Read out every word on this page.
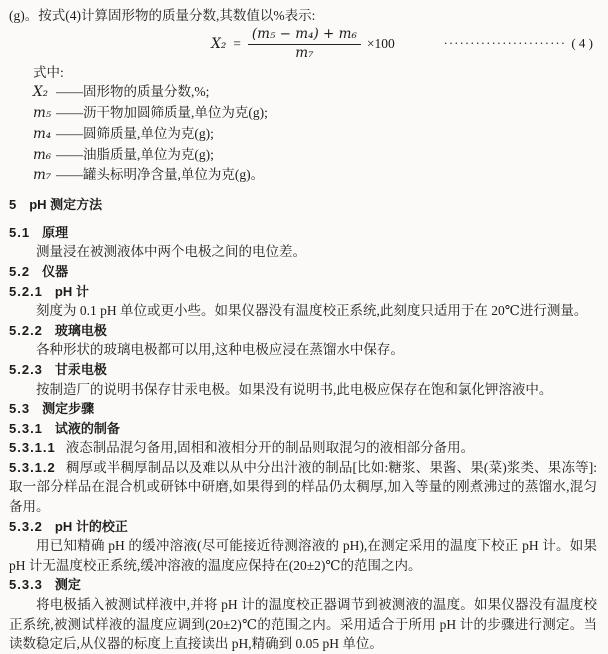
(g)。按式(4)计算固形物的质量分数,其数值以%表示:
$X_2 = \frac{\text{(m₅ − m₄) + m₆}}{\text{m₇}} \times 100$	······················· ( 4 )
式中:
X₂ ——固形物的质量分数,%;
m₅ ——沥干物加圆筛质量,单位为克(g);
m₄ ——圆筛质量,单位为克(g);
m₆ ——油脂质量,单位为克(g);
m₇ ——罐头标明净含量,单位为克(g)。
5 pH 测定方法
5.1 原理

测量浸在被测液体中两个电极之间的电位差。

5.2 仪器
5.2.1 pH 计

刻度为 0.1 pH 单位或更小些。如果仪器没有温度校正系统,此刻度只适用于在 20℃进行测量。

5.2.2 玻璃电极

各种形状的玻璃电极都可以用,这种电极应浸在蒸馏水中保存。

5.2.3 甘汞电极

按制造厂的说明书保存甘汞电极。如果没有说明书,此电极应保存在饱和氯化钾溶液中。

5.3 测定步骤
5.3.1 试液的制备

5.3.1.1 液态制品混匀备用,固相和液相分开的制品则取混匀的液相部分备用。

5.3.1.2 稠厚或半稠厚制品以及难以从中分出汁液的制品[比如:糖浆、果酱、果(菜)浆类、果冻等]:取一部分样品在混合机或研钵中研磨,如果得到的样品仍太稠厚,加入等量的刚煮沸过的蒸馏水,混匀备用。

5.3.2 pH 计的校正

用已知精确 pH 的缓冲溶液(尽可能接近待测溶液的 pH),在测定采用的温度下校正 pH 计。如果 pH 计无温度校正系统,缓冲溶液的温度应保持在(20±2)℃的范围之内。

5.3.3 测定

将电极插入被测试样液中,并将 pH 计的温度校正器调节到被测液的温度。如果仪器没有温度校正系统,被测试样液的温度应调到(20±2)℃的范围之内。采用适合于所用 pH 计的步骤进行测定。当读数稳定后,从仪器的标度上直接读出 pH,精确到 0.05 pH 单位。
